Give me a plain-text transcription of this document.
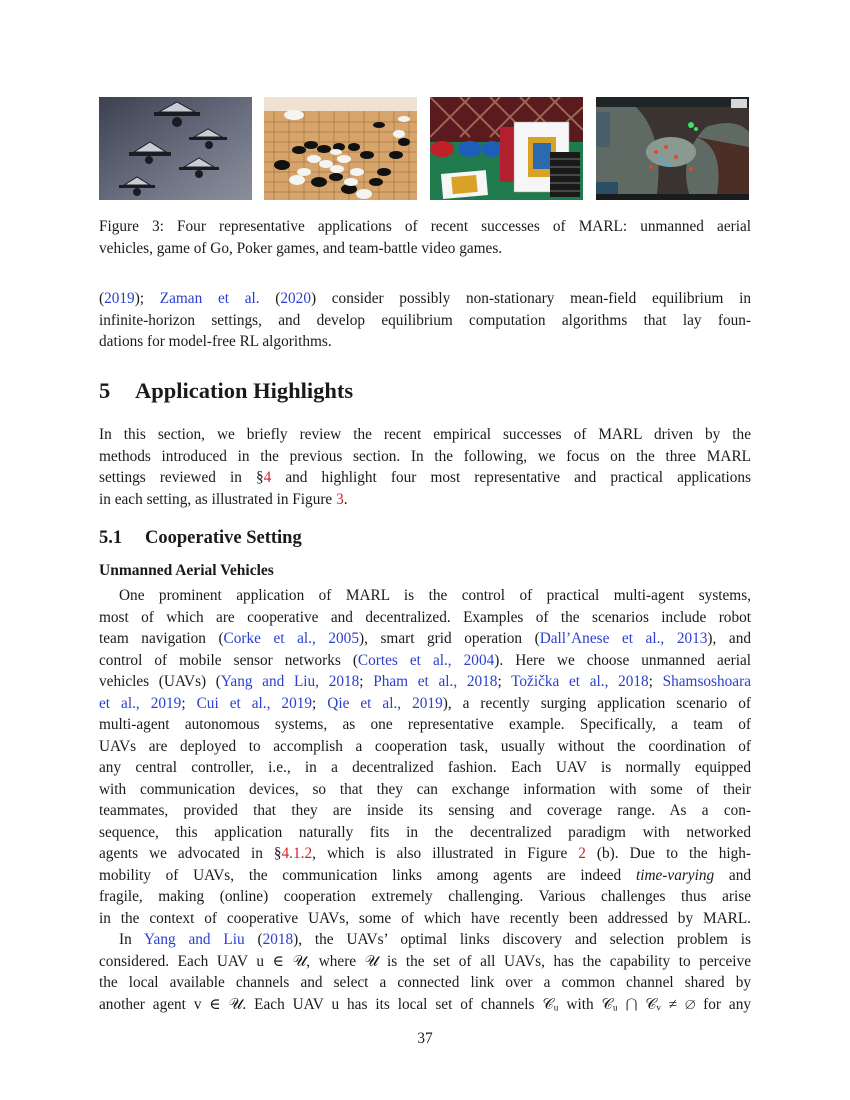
Figure 3: Four representative applications of recent successes of MARL: unmanned aerial
vehicles, game of Go, Poker games, and team-battle video games.
(2019); Zaman et al. (2020) consider possibly non-stationary mean-field equilibrium in
infinite-horizon settings, and develop equilibrium computation algorithms that lay foun-
dations for model-free RL algorithms.
5 Application Highlights
In this section, we briefly review the recent empirical successes of MARL driven by the
methods introduced in the previous section. In the following, we focus on the three MARL
settings reviewed in §4 and highlight four most representative and practical applications
in each setting, as illustrated in Figure 3.
5.1 Cooperative Setting
Unmanned Aerial Vehicles
One prominent application of MARL is the control of practical multi-agent systems,
most of which are cooperative and decentralized. Examples of the scenarios include robot
team navigation (Corke et al., 2005), smart grid operation (Dall’Anese et al., 2013), and
control of mobile sensor networks (Cortes et al., 2004). Here we choose unmanned aerial
vehicles (UAVs) (Yang and Liu, 2018; Pham et al., 2018; Tožička et al., 2018; Shamsoshoara
et al., 2019; Cui et al., 2019; Qie et al., 2019), a recently surging application scenario of
multi-agent autonomous systems, as one representative example. Specifically, a team of
UAVs are deployed to accomplish a cooperation task, usually without the coordination of
any central controller, i.e., in a decentralized fashion. Each UAV is normally equipped
with communication devices, so that they can exchange information with some of their
teammates, provided that they are inside its sensing and coverage range. As a con-
sequence, this application naturally fits in the decentralized paradigm with networked
agents we advocated in §4.1.2, which is also illustrated in Figure 2 (b). Due to the high-
mobility of UAVs, the communication links among agents are indeed time-varying and
fragile, making (online) cooperation extremely challenging. Various challenges thus arise
in the context of cooperative UAVs, some of which have recently been addressed by MARL.
In Yang and Liu (2018), the UAVs’ optimal links discovery and selection problem is
considered. Each UAV u ∈ 𝒰, where 𝒰 is the set of all UAVs, has the capability to perceive
the local available channels and select a connected link over a common channel shared by
another agent v ∈ 𝒰. Each UAV u has its local set of channels 𝒞ᵤ with 𝒞ᵤ ⋂ 𝒞ᵥ ≠ ∅ for any
37
